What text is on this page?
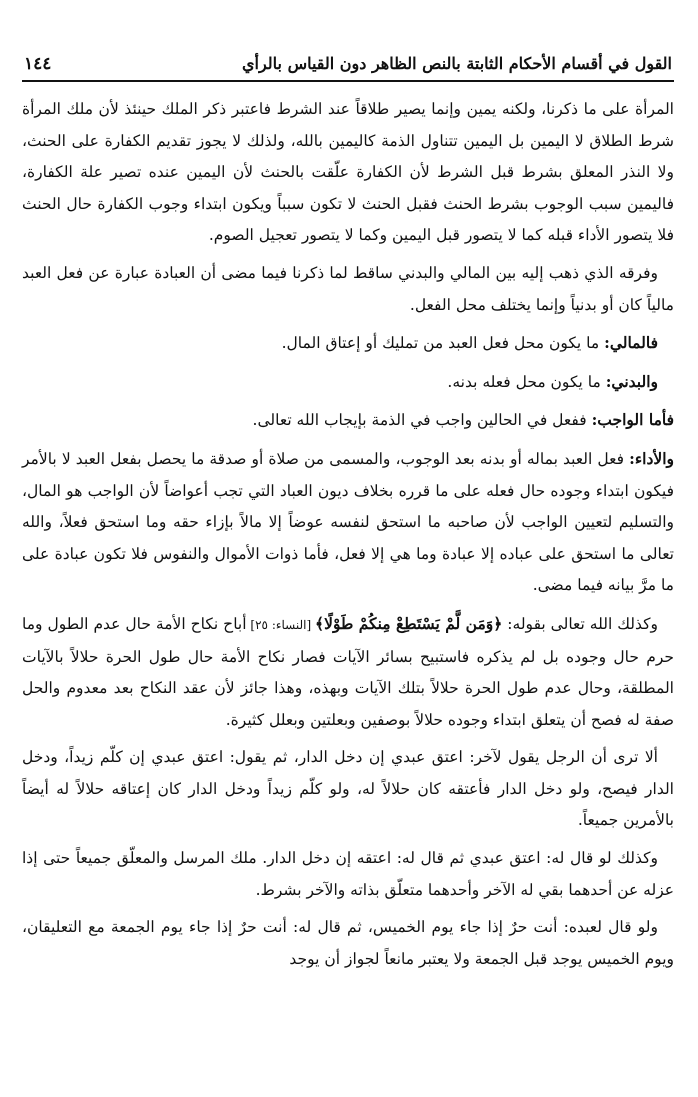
القول في أقسام الأحكام الثابتة بالنص الظاهر دون القياس بالرأي
١٤٤

المرأة على ما ذكرنا، ولكنه يمين وإنما يصير طلاقاً عند الشرط فاعتبر ذكر الملك حينئذ لأن ملك المرأة شرط الطلاق لا اليمين بل اليمين تتناول الذمة كاليمين بالله، ولذلك لا يجوز تقديم الكفارة على الحنث، ولا النذر المعلق بشرط قبل الشرط لأن الكفارة علّقت بالحنث لأن اليمين عنده تصير علة الكفارة، فاليمين سبب الوجوب بشرط الحنث فقبل الحنث لا تكون سبباً ويكون ابتداء وجوب الكفارة حال الحنث فلا يتصور الأداء قبله كما لا يتصور قبل اليمين وكما لا يتصور تعجيل الصوم.

وفرقه الذي ذهب إليه بين المالي والبدني ساقط لما ذكرنا فيما مضى أن العبادة عبارة عن فعل العبد مالياً كان أو بدنياً وإنما يختلف محل الفعل.

فالمالي: ما يكون محل فعل العبد من تمليك أو إعتاق المال.

والبدني: ما يكون محل فعله بدنه.

فأما الواجب: ففعل في الحالين واجب في الذمة بإيجاب الله تعالى.

والأداء: فعل العبد بماله أو بدنه بعد الوجوب، والمسمى من صلاة أو صدقة ما يحصل بفعل العبد لا بالأمر فيكون ابتداء وجوده حال فعله على ما قرره بخلاف ديون العباد التي تجب أعواضاً لأن الواجب هو المال، والتسليم لتعيين الواجب لأن صاحبه ما استحق لنفسه عوضاً إلا مالاً بإزاء حقه وما استحق فعلاً، والله تعالى ما استحق على عباده إلا عبادة وما هي إلا فعل، فأما ذوات الأموال والنفوس فلا تكون عبادة على ما مرَّ بيانه فيما مضى.

وكذلك الله تعالى بقوله: ﴿وَمَن لَّمْ يَسْتَطِعْ مِنكُمْ طَوْلًا﴾ [النساء: ٢٥] أباح نكاح الأمة حال عدم الطول وما حرم حال وجوده بل لم يذكره فاستبيح بسائر الآيات فصار نكاح الأمة حال طول الحرة حلالاً بالآيات المطلقة، وحال عدم طول الحرة حلالاً بتلك الآيات وبهذه، وهذا جائز لأن عقد النكاح بعد معدوم والحل صفة له فصح أن يتعلق ابتداء وجوده حلالاً بوصفين وبعلتين وبعلل كثيرة.

ألا ترى أن الرجل يقول لآخر: اعتق عبدي إن دخل الدار، ثم يقول: اعتق عبدي إن كلّم زيداً، ودخل الدار فيصح، ولو دخل الدار فأعتقه كان حلالاً له، ولو كلّم زيداً ودخل الدار كان إعتاقه حلالاً له أيضاً بالأمرين جميعاً.

وكذلك لو قال له: اعتق عبدي ثم قال له: اعتقه إن دخل الدار. ملك المرسل والمعلّق جميعاً حتى إذا عزله عن أحدهما بقي له الآخر وأحدهما متعلّق بذاته والآخر بشرط.

ولو قال لعبده: أنت حرٌ إذا جاء يوم الخميس، ثم قال له: أنت حرٌ إذا جاء يوم الجمعة مع التعليقان، ويوم الخميس يوجد قبل الجمعة ولا يعتبر مانعاً لجواز أن يوجد
